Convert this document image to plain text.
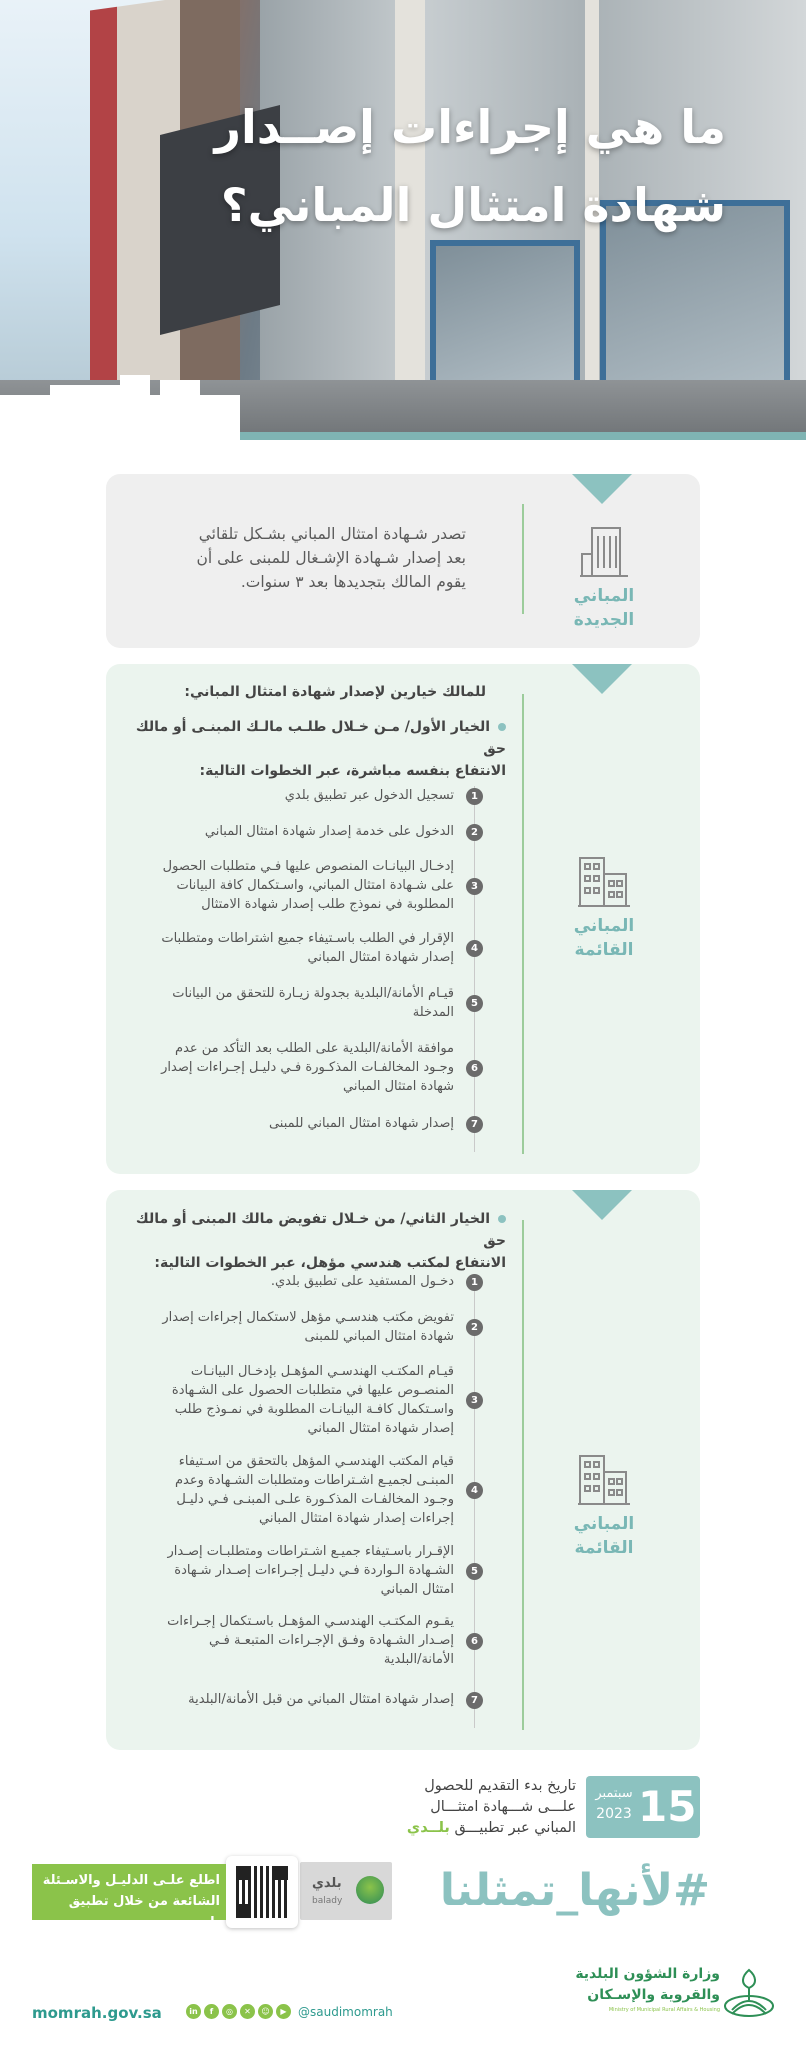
ما هي إجراءات إصــدار
شهادة امتثال المباني؟
المباني
الجديدة
تصدر شـهادة امتثال المباني بشـكل تلقائي
بعد إصدار شـهادة الإشـغال للمبنى على أن
يقوم المالك بتجديدها بعد ٣ سنوات.
المباني
القائمة
للمالك خيارين لإصدار شهادة امتثال المباني:
الخيار الأول/ مـن خـلال طلـب مالـك المبنـى أو مالك حق
الانتفاع بنفسه مباشرة، عبر الخطوات التالية:
1
تسجيل الدخول عبر تطبيق بلدي
2
الدخول على خدمة إصدار شهادة امتثال المباني
3
إدخـال البيانـات المنصوص عليها فـي متطلبات الحصول
على شـهادة امتثال المباني، واسـتكمال كافة البيانات
المطلوبة في نموذج طلب إصدار شهادة الامتثال
4
الإقرار في الطلب باسـتيفاء جميع اشتراطات ومتطلبات
إصدار شهادة امتثال المباني
5
قيـام الأمانة/البلدية بجدولة زيـارة للتحقق من البيانات
المدخلة
6
موافقة الأمانة/البلدية على الطلب بعد التأكد من عدم
وجـود المخالفـات المذكـورة فـي دليـل إجـراءات إصدار
شهادة امتثال المباني
7
إصدار شهادة امتثال المباني للمبنى
المباني
القائمة
الخيار الثاني/ من خـلال تفويض مالك المبنى أو مالك حق
الانتفاع لمكتب هندسي مؤهل، عبر الخطوات التالية:
1
دخـول المستفيد على تطبيق بلدي.
2
تفويض مكتب هندسـي مؤهل لاستكمال إجراءات إصدار
شهادة امتثال المباني للمبنى
3
قيـام المكتـب الهندسـي المؤهـل بإدخـال البيانـات
المنصـوص عليها في متطلبات الحصول على الشـهادة
واسـتكمال كافـة البيانـات المطلوبة في نمـوذج طلب
إصدار شهادة امتثال المباني
4
قيام المكتب الهندسـي المؤهل بالتحقق من اسـتيفاء
المبنـى لجميـع اشـتراطات ومتطلبات الشـهادة وعدم
وجـود المخالفـات المذكـورة علـى المبنـى فـي دليـل
إجراءات إصدار شهادة امتثال المباني
5
الإقـرار باسـتيفاء جميـع اشـتراطات ومتطلبـات إصـدار
الشـهادة الـواردة فـي دليـل إجـراءات إصـدار شـهادة
امتثال المباني
6
يقـوم المكتـب الهندسـي المؤهـل باسـتكمال إجـراءات
إصـدار الشـهادة وفـق الإجـراءات المتبعـة فـي
الأمانة/البلدية
7
إصدار شهادة امتثال المباني من قبل الأمانة/البلدية
15
سبتمبر
2023
تاريخ بدء التقديم للحصول
علـــى شـــهادة امتثـــال
المباني عبر تطبيـــق بلــدي
#لأنها_تمثلنا
بلدي
balady
اطلع علـى الدليـل والاسـئلة
الشائعة من خلال تطبيق بلدي
momrah.gov.sa	in	f	◎	✕	☺	▶ @saudimomrah
وزارة الشؤون البلدية
والقروية والإسـكان
Ministry of Municipal Rural Affairs & Housing
